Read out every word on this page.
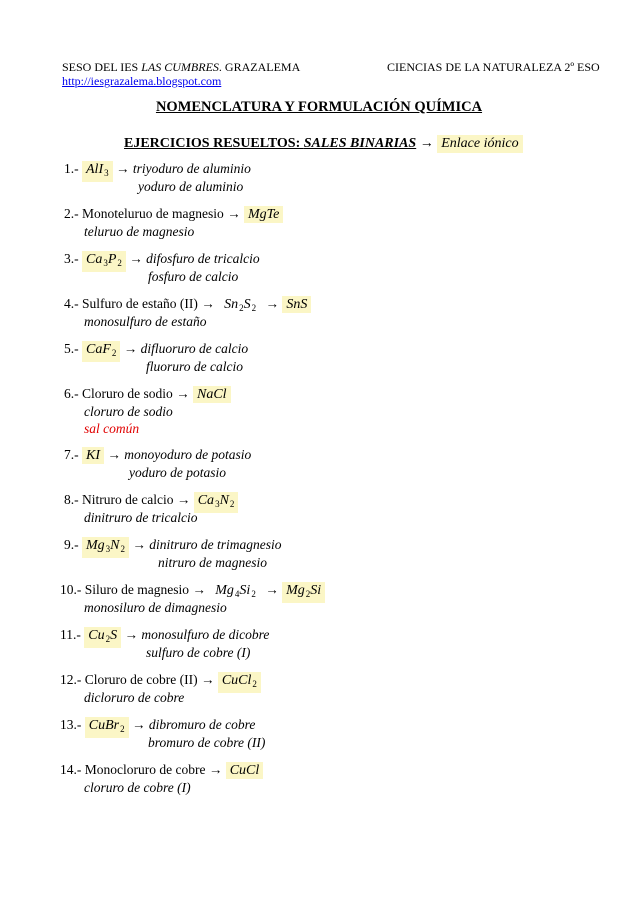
SESO DEL IES LAS CUMBRES. GRAZALEMA	CIENCIAS DE LA NATURALEZA 2º ESO
http://iesgrazalema.blogspot.com
NOMENCLATURA Y FORMULACIÓN QUÍMICA
EJERCICIOS RESUELTOS: SALES BINARIAS → Enlace iónico
1.- AlI$_3$ → triyoduro de aluminio
yoduro de aluminio
2.- Monoteluruo de magnesio → MgTe
teluruo de magnesio
3.- $Ca_3P_2$ → difosfuro de tricalcio
fosfuro de calcio
4.- Sulfuro de estaño $(II) \to Sn_2S_2$ → SnS
monosulfuro de estaño
5.- CaF$_2$ → difluoruro de calcio
fluoruro de calcio
6.- Cloruro de sodio → NaCl
cloruro de sodio
sal común
7.- KI → monoyoduro de potasio
yoduro de potasio
8.- Nitruro de calcio → $Ca_3N_2$
dinitruro de tricalcio
9.- $Mg_3N_2$ → dinitruro de trimagnesio
nitruro de magnesio
10.- Siluro de magnesio → $Mg_4Si_2 \to Mg_2Si$
monosiluro de dimagnesio
11.- $Cu_2S$ → monosulfuro de dicobre
sulfuro de cobre (I)
12.- Cloruro de cobre (II) → CuCl$_2$
dicloruro de cobre
13.- CuBr$_2$ → dibromuro de cobre
bromuro de cobre (II)
14.- Monocloruro de cobre → CuCl
cloruro de cobre (I)
